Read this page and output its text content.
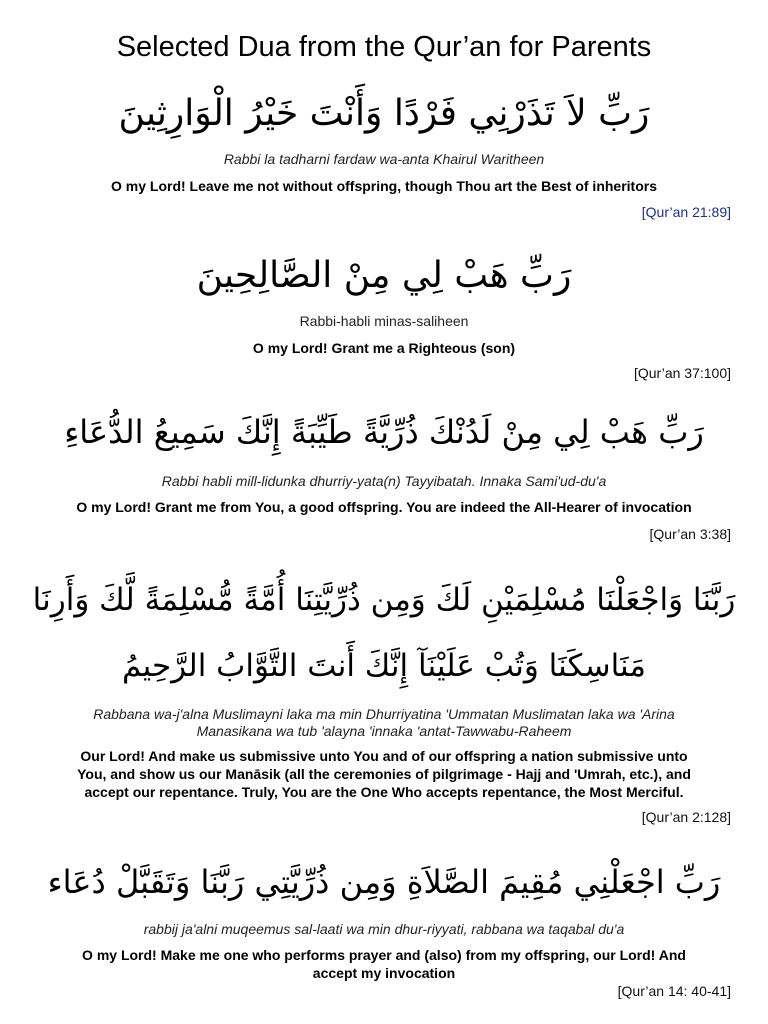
Selected Dua from the Qur’an for Parents
رَبِّ لاَ تَذَرْنِي فَرْدًا وَأَنْتَ خَيْرُ الْوَارِثِينَ
Rabbi la tadharni fardaw wa-anta Khairul Waritheen
O my Lord! Leave me not without offspring, though Thou art the Best of inheritors
[Qur’an 21:89]
رَبِّ هَبْ لِي مِنْ الصَّالِحِينَ
Rabbi-habli minas-saliheen
O my Lord! Grant me a Righteous (son)
[Qur’an 37:100]
رَبِّ هَبْ لِي مِنْ لَدُنْكَ ذُرِّيَّةً طَيِّبَةً إِنَّكَ سَمِيعُ الدُّعَاءِ
Rabbi habli mill-lidunka dhurriy-yata(n) Tayyibatah. Innaka Sami'ud-du'a
O my Lord! Grant me from You, a good offspring. You are indeed the All-Hearer of invocation
[Qur’an 3:38]
رَبَّنَا وَاجْعَلْنَا مُسْلِمَيْنِ لَكَ وَمِن ذُرِّيَّتِنَا أُمَّةً مُّسْلِمَةً لَّكَ وَأَرِنَا
مَنَاسِكَنَا وَتُبْ عَلَيْنَآ إِنَّكَ أَنتَ التَّوَّابُ الرَّحِيمُ
Rabbana wa-j'alna Muslimayni laka ma min Dhurriyatina 'Ummatan Muslimatan laka wa 'Arina
Manasikana wa tub 'alayna 'innaka 'antat-Tawwabu-Raheem
Our Lord! And make us submissive unto You and of our offspring a nation submissive unto
You, and show us our Manāsik (all the ceremonies of pilgrimage - Hajj and 'Umrah, etc.), and
accept our repentance. Truly, You are the One Who accepts repentance, the Most Merciful.
[Qur’an 2:128]
رَبِّ اجْعَلْنِي مُقِيمَ الصَّلاَةِ وَمِن ذُرِّيَّتِي رَبَّنَا وَتَقَبَّلْ دُعَاء
rabbij ja'alni muqeemus sal-laati wa min dhur-riyyati, rabbana wa taqabal du'a
O my Lord! Make me one who performs prayer and (also) from my offspring, our Lord! And
accept my invocation
[Qur’an 14: 40-41]
